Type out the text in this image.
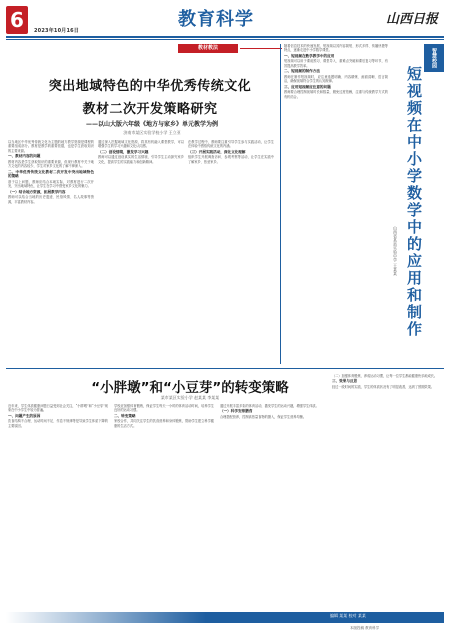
6	2023年10月16日
教育科学	山西日报
教材教法	智慧校园
突出地域特色的中华优秀传统文化
教材二次开发策略研究
——以山大版六年级《地方与家乡》单元教学为例
济南市某区实验学校小学 王立亚

以当地区中华优秀传统文化为主题的地方教学资源是课程的重要组成部分。教材是教学的重要依据，也是学生获取知识的主要来源。

一、教材内容的问题

教材内容是学生获取知识的重要来源，但现行教材中关于地方文化的内容较少，学生对家乡文化的了解不够深入。

二、中华优秀传统文化教材二次开发中突出地域特色的策略

基于以上问题，教师应结合本地实际，对教材进行二次开发，突出地域特色，让学生在学习中感受家乡文化的魅力。

（一）结合地方资源，拓展教学内容

教师可以结合当地的历史遗迹、民俗风情、名人故事等资源，丰富教材内容。

通过深入挖掘地域文化资源，将其有机融入课堂教学，可以增强学生的学习兴趣和文化认同感。

（二）创设情境，激发学习兴趣

教师可以通过创设真实的生活情境，引导学生主动探究家乡文化，提高学生的实践能力和创新精神。

在教学过程中，教师要注重引导学生参与实践活动，让学生在体验中感悟传统文化的内涵。

（三）开展实践活动，深化文化理解

组织学生开展调查访问、参观考察等活动，让学生在实践中了解家乡、热爱家乡。

随着信息技术的快速发展，短视频以其内容简短、形式多样、传播快捷等特点，逐渐走进中小学数学课堂。

一、短视频在数学教学中的应用

短视频可以用于课前预习、课堂导入、重难点突破和课后复习等环节，有效提高教学效率。

二、短视频的制作方法

教师在制作短视频时，应注意选题明确、内容精炼、画面清晰、语言简洁，确保视频符合学生的认知规律。

三、应用短视频应注意的问题

教师要合理控制视频时长和数量，避免过度依赖，注重与传统教学方式的有机结合。	短视频在中小学数学中的应用和制作
山西省某县实验中学 王某某
“小胖墩”和“小豆芽”的转变策略
某市某区实验小学 赵某某 李某某

近年来，学生体质健康问题日益受到社会关注，“小胖墩”和“小豆芽”现象在中小学生中较为普遍。

一、问题产生的原因

饮食结构不合理、运动时间不足、作息不规律等是导致学生体质下降的主要原因。

学校应加强体育锻炼，保证学生每天一小时的体育活动时间，培养学生良好的运动习惯。

二、转变策略

家校合作，共同关注学生的饮食营养和身体锻炼，帮助学生建立科学健康的生活方式。

通过开展丰富多彩的体育活动，激发学生的运动兴趣，增强学生体质。

（一）科学安排膳食

合理搭配营养，控制高热量食物的摄入，保证学生营养均衡。

（二）加强体育锻炼，养成运动习惯，让每一位学生都能健康快乐地成长。

三、效果与反思

经过一段时间的实践，学生的体质状况有了明显改善，达到了预期效果。

编辑 某某 校对 某某
本版投稿 教育科学
